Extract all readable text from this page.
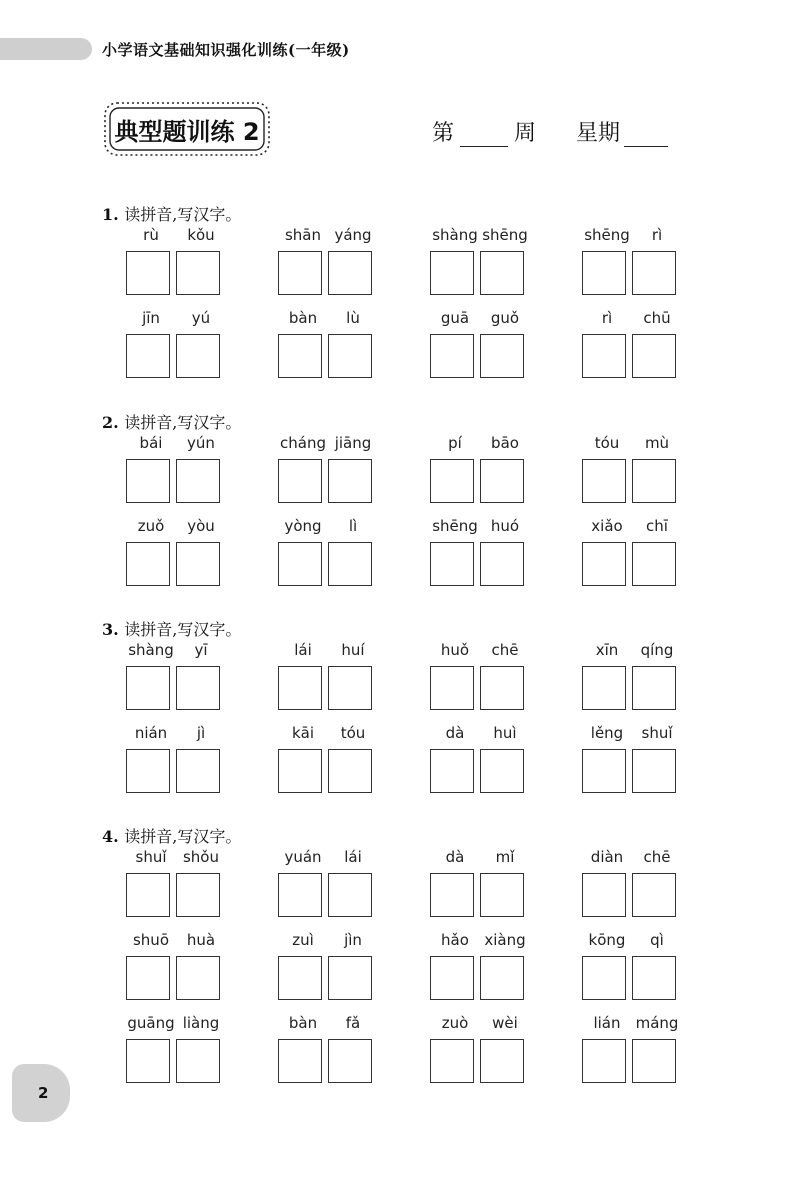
小学语文基础知识强化训练(一年级)
典型题训练 2	第	周 星期
1. 读拼音,写汉字。
rù	kǒu	shān yáng	shàng shēng	shēng	rì
jīn	yú	bàn	lù	guā	guǒ	rì	chū
2. 读拼音,写汉字。
bái	yún	cháng jiāng	pí	bāo	tóu	mù
zuǒ	yòu	yòng	lì	shēng huó	xiǎo	chī
3. 读拼音,写汉字。
shàng	yī	lái	huí	huǒ	chē	xīn	qíng
nián	jì	kāi	tóu	dà	huì	lěng	shuǐ
4. 读拼音,写汉字。
shuǐ	shǒu	yuán	lái	dà	mǐ	diàn	chē
shuō	huà	zuì	jìn	hǎo	xiàng	kōng	qì
guāng liàng	bàn	fǎ	zuò	wèi	lián	máng
2
